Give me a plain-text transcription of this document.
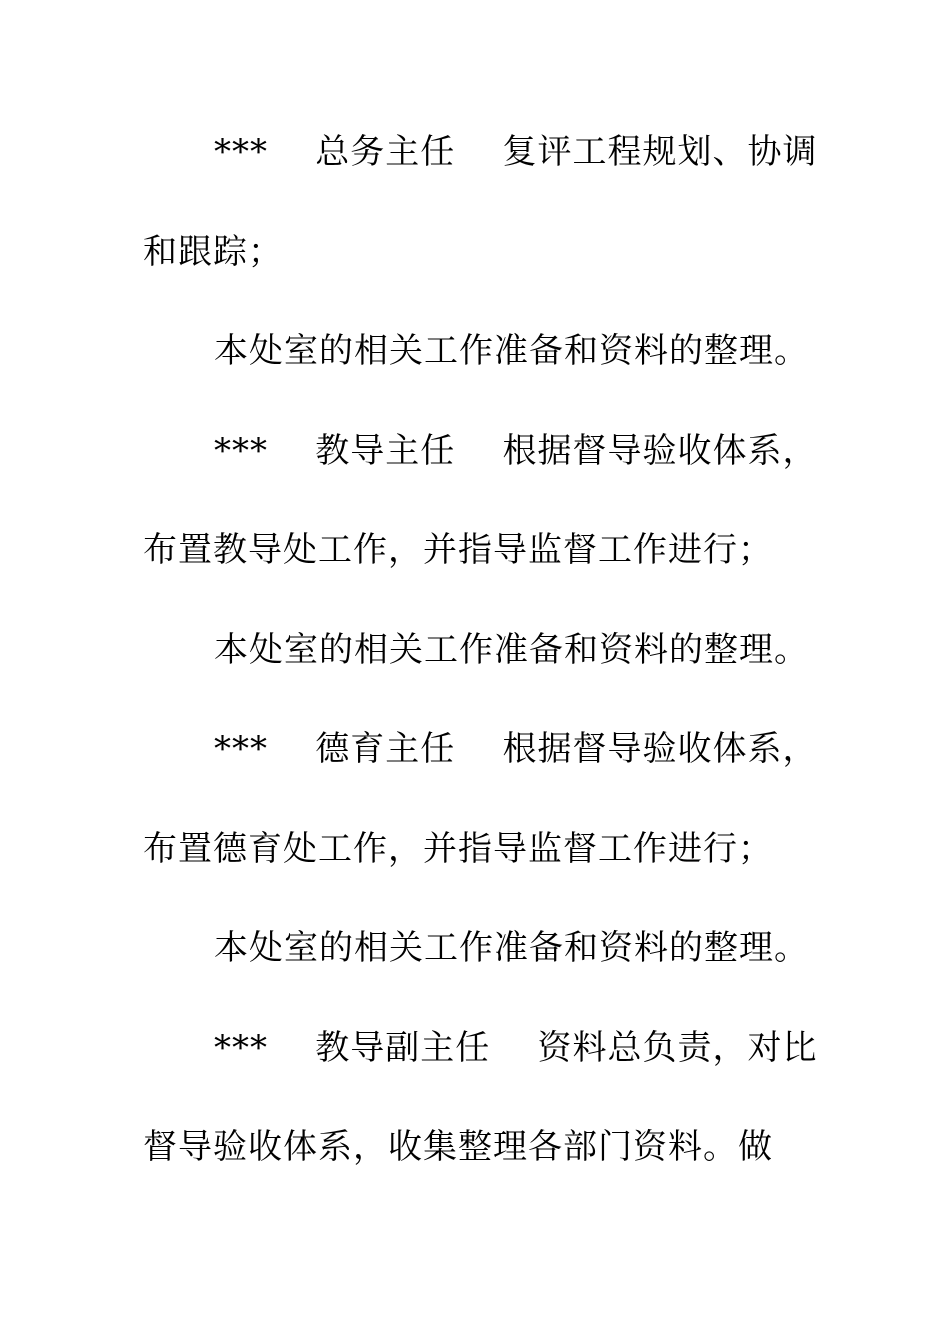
***    总务主任    复评工程规划、协调
和跟踪；
本处室的相关工作准备和资料的整理。
***    教导主任    根据督导验收体系，
布置教导处工作，并指导监督工作进行；
本处室的相关工作准备和资料的整理。
***    德育主任    根据督导验收体系，
布置德育处工作，并指导监督工作进行；
本处室的相关工作准备和资料的整理。
***    教导副主任    资料总负责，对比
督导验收体系，收集整理各部门资料。做
